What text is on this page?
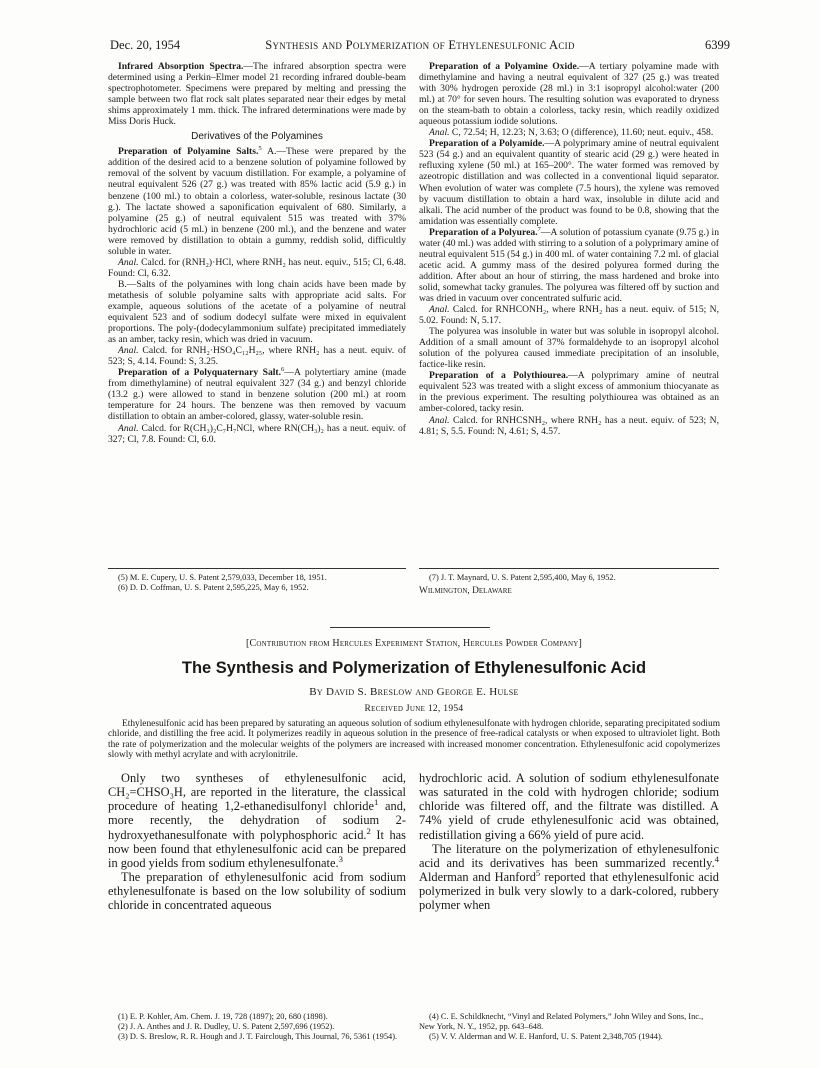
Dec. 20, 1954	Synthesis and Polymerization of Ethylenesulfonic Acid	6399

Infrared Absorption Spectra.—The infrared absorption spectra were determined using a Perkin–Elmer model 21 recording infrared double-beam spectrophotometer. Specimens were prepared by melting and pressing the sample between two flat rock salt plates separated near their edges by metal shims approximately 1 mm. thick. The infrared determinations were made by Miss Doris Huck.

Derivatives of the Polyamines

Preparation of Polyamine Salts.$^5$ A.—These were prepared by the addition of the desired acid to a benzene solution of polyamine followed by removal of the solvent by vacuum distillation. For example, a polyamine of neutral equivalent 526 (27 g.) was treated with 85% lactic acid (5.9 g.) in benzene (100 ml.) to obtain a colorless, water-soluble, resinous lactate (30 g.). The lactate showed a saponification equivalent of 680. Similarly, a polyamine (25 g.) of neutral equivalent 515 was treated with 37% hydrochloric acid (5 ml.) in benzene (200 ml.), and the benzene and water were removed by distillation to obtain a gummy, reddish solid, difficultly soluble in water.

Anal. Calcd. for (RNH₂)·HCl, where RNH₂ has neut. equiv., 515; Cl, 6.48. Found: Cl, 6.32.

B.—Salts of the polyamines with long chain acids have been made by metathesis of soluble polyamine salts with appropriate acid salts. For example, aqueous solutions of the acetate of a polyamine of neutral equivalent 523 and of sodium dodecyl sulfate were mixed in equivalent proportions. The poly-(dodecylammonium sulfate) precipitated immediately as an amber, tacky resin, which was dried in vacuum.

Anal. Calcd. for RNH₂·HSO₄C₁₂H₂₅, where RNH₂ has a neut. equiv. of 523; S, 4.14. Found: S, 3.25.

Preparation of a Polyquaternary Salt.$^6$—A polytertiary amine (made from dimethylamine) of neutral equivalent 327 (34 g.) and benzyl chloride (13.2 g.) were allowed to stand in benzene solution (200 ml.) at room temperature for 24 hours. The benzene was then removed by vacuum distillation to obtain an amber-colored, glassy, water-soluble resin.

Anal. Calcd. for R(CH₃)₂C₇H₇NCl, where RN(CH₃)₂ has a neut. equiv. of 327; Cl, 7.8. Found: Cl, 6.0.

(5) M. E. Cupery, U. S. Patent 2,579,033, December 18, 1951.

(6) D. D. Coffman, U. S. Patent 2,595,225, May 6, 1952.

Preparation of a Polyamine Oxide.—A tertiary polyamine made with dimethylamine and having a neutral equivalent of 327 (25 g.) was treated with 30% hydrogen peroxide (28 ml.) in 3:1 isopropyl alcohol:water (200 ml.) at 70° for seven hours. The resulting solution was evaporated to dryness on the steam-bath to obtain a colorless, tacky resin, which readily oxidized aqueous potassium iodide solutions.

Anal. C, 72.54; H, 12.23; N, 3.63; O (difference), 11.60; neut. equiv., 458.

Preparation of a Polyamide.—A polyprimary amine of neutral equivalent 523 (54 g.) and an equivalent quantity of stearic acid (29 g.) were heated in refluxing xylene (50 ml.) at 165–200°. The water formed was removed by azeotropic distillation and was collected in a conventional liquid separator. When evolution of water was complete (7.5 hours), the xylene was removed by vacuum distillation to obtain a hard wax, insoluble in dilute acid and alkali. The acid number of the product was found to be 0.8, showing that the amidation was essentially complete.

Preparation of a Polyurea.$^7$—A solution of potassium cyanate (9.75 g.) in water (40 ml.) was added with stirring to a solution of a polyprimary amine of neutral equivalent 515 (54 g.) in 400 ml. of water containing 7.2 ml. of glacial acetic acid. A gummy mass of the desired polyurea formed during the addition. After about an hour of stirring, the mass hardened and broke into solid, somewhat tacky granules. The polyurea was filtered off by suction and was dried in vacuum over concentrated sulfuric acid.

Anal. Calcd. for RNHCONH₂, where RNH₂ has a neut. equiv. of 515; N, 5.02. Found: N, 5.17.

The polyurea was insoluble in water but was soluble in isopropyl alcohol. Addition of a small amount of 37% formaldehyde to an isopropyl alcohol solution of the polyurea caused immediate precipitation of an insoluble, factice-like resin.

Preparation of a Polythiourea.—A polyprimary amine of neutral equivalent 523 was treated with a slight excess of ammonium thiocyanate as in the previous experiment. The resulting polythiourea was obtained as an amber-colored, tacky resin.

Anal. Calcd. for RNHCSNH₂, where RNH₂ has a neut. equiv. of 523; N, 4.81; S, 5.5. Found: N, 4.61; S, 4.57.

(7) J. T. Maynard, U. S. Patent 2,595,400, May 6, 1952.

Wilmington, Delaware

[Contribution from Hercules Experiment Station, Hercules Powder Company]
The Synthesis and Polymerization of Ethylenesulfonic Acid
By David S. Breslow and George E. Hulse
Received June 12, 1954
Ethylenesulfonic acid has been prepared by saturating an aqueous solution of sodium ethylenesulfonate with hydrogen chloride, separating precipitated sodium chloride, and distilling the free acid. It polymerizes readily in aqueous solution in the presence of free-radical catalysts or when exposed to ultraviolet light. Both the rate of polymerization and the molecular weights of the polymers are increased with increased monomer concentration. Ethylenesulfonic acid copolymerizes slowly with methyl acrylate and with acrylonitrile.

Only two syntheses of ethylenesulfonic acid, CH₂=CHSO₃H, are reported in the literature, the classical procedure of heating 1,2-ethanedisulfonyl chloride$^1$ and, more recently, the dehydration of sodium 2-hydroxyethanesulfonate with polyphosphoric acid.$^2$ It has now been found that ethylenesulfonic acid can be prepared in good yields from sodium ethylenesulfonate.$^3$

The preparation of ethylenesulfonic acid from sodium ethylenesulfonate is based on the low solubility of sodium chloride in concentrated aqueous

(1) E. P. Kohler, Am. Chem. J. 19, 728 (1897); 20, 680 (1898).

(2) J. A. Anthes and J. R. Dudley, U. S. Patent 2,597,696 (1952).

(3) D. S. Breslow, R. R. Hough and J. T. Fairclough, This Journal, 76, 5361 (1954).

hydrochloric acid. A solution of sodium ethylenesulfonate was saturated in the cold with hydrogen chloride; sodium chloride was filtered off, and the filtrate was distilled. A 74% yield of crude ethylenesulfonic acid was obtained, redistillation giving a 66% yield of pure acid.

The literature on the polymerization of ethylenesulfonic acid and its derivatives has been summarized recently.$^4$ Alderman and Hanford$^5$ reported that ethylenesulfonic acid polymerized in bulk very slowly to a dark-colored, rubbery polymer when

(4) C. E. Schildknecht, “Vinyl and Related Polymers,” John Wiley and Sons, Inc., New York, N. Y., 1952, pp. 643–648.

(5) V. V. Alderman and W. E. Hanford, U. S. Patent 2,348,705 (1944).
